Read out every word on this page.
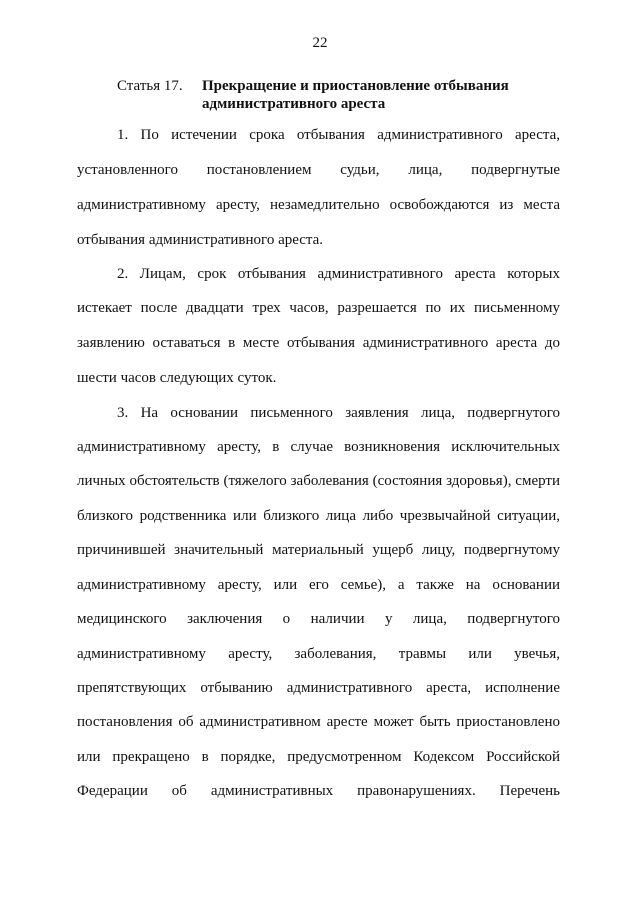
22
Статья 17. Прекращение и приостановление отбывания административного ареста
1. По истечении срока отбывания административного ареста,
установленного постановлением судьи, лица, подвергнутые
административному аресту, незамедлительно освобождаются из места
отбывания административного ареста.
2. Лицам, срок отбывания административного ареста которых
истекает после двадцати трех часов, разрешается по их письменному
заявлению оставаться в месте отбывания административного ареста до
шести часов следующих суток.
3. На основании письменного заявления лица, подвергнутого
административному аресту, в случае возникновения исключительных
личных обстоятельств (тяжелого заболевания (состояния здоровья), смерти
близкого родственника или близкого лица либо чрезвычайной ситуации,
причинившей значительный материальный ущерб лицу, подвергнутому
административному аресту, или его семье), а также на основании
медицинского заключения о наличии у лица, подвергнутого
административному аресту, заболевания, травмы или увечья,
препятствующих отбыванию административного ареста, исполнение
постановления об административном аресте может быть приостановлено
или прекращено в порядке, предусмотренном Кодексом Российской
Федерации об административных правонарушениях. Перечень
